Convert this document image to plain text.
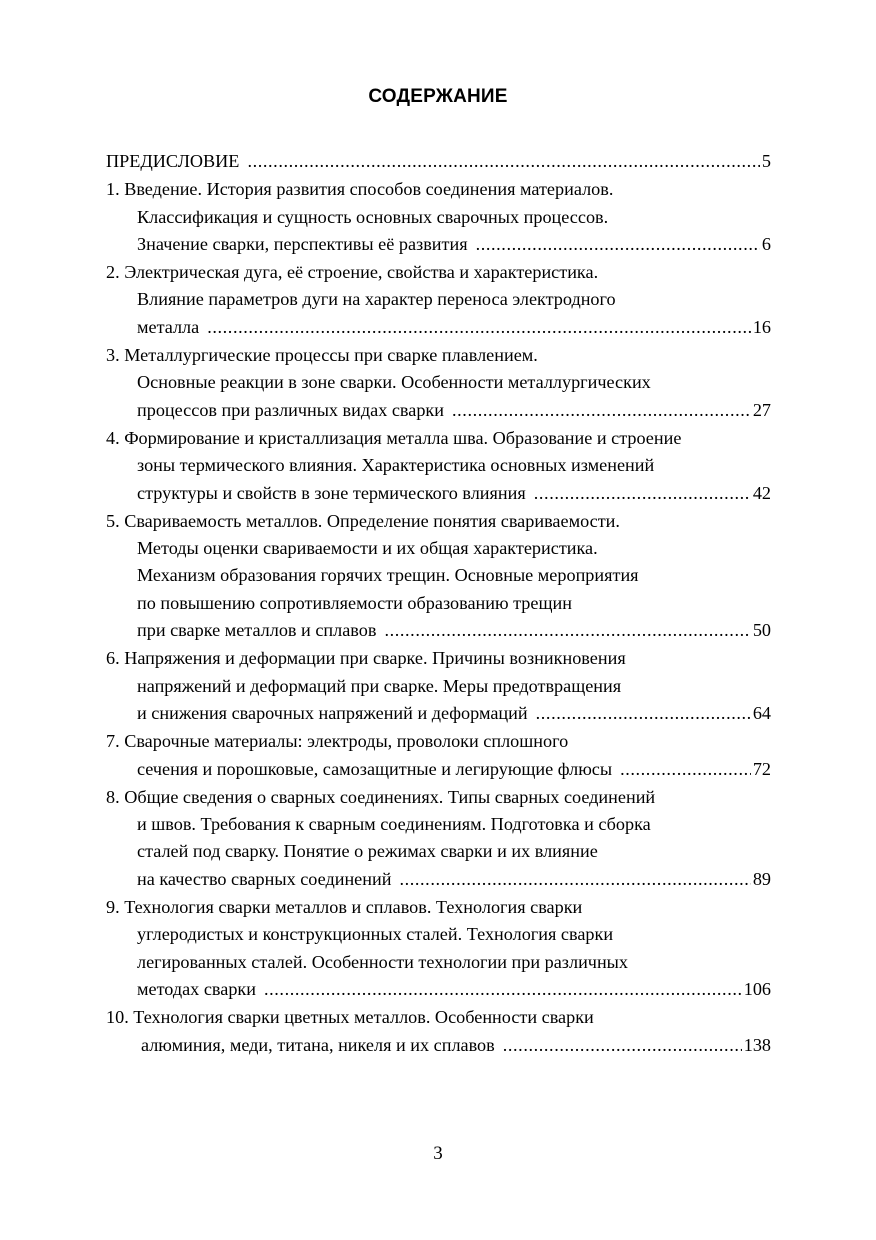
СОДЕРЖАНИЕ
ПРЕДИСЛОВИЕ .....	5
1. Введение. История развития способов соединения материалов.
Классификация и сущность основных сварочных процессов.
Значение сварки, перспективы её развития .....	6
2. Электрическая дуга, её строение, свойства и характеристика.
Влияние параметров дуги на характер переноса электродного
металла .....	16
3. Металлургические процессы при сварке плавлением.
Основные реакции в зоне сварки. Особенности металлургических
процессов при различных видах сварки .....	27
4. Формирование и кристаллизация металла шва. Образование и строение
зоны термического влияния. Характеристика основных изменений
структуры и свойств в зоне термического влияния .....	42
5. Свариваемость металлов. Определение понятия свариваемости.
Методы оценки свариваемости и их общая характеристика.
Механизм образования горячих трещин. Основные мероприятия
по повышению сопротивляемости образованию трещин
при сварке металлов и сплавов .....	50
6. Напряжения и деформации при сварке. Причины возникновения
напряжений и деформаций при сварке. Меры предотвращения
и снижения сварочных напряжений и деформаций .....	64
7. Сварочные материалы: электроды, проволоки сплошного
сечения и порошковые, самозащитные и легирующие флюсы .....	72
8. Общие сведения о сварных соединениях. Типы сварных соединений
и швов. Требования к сварным соединениям. Подготовка и сборка
сталей под сварку. Понятие о режимах сварки и их влияние
на качество сварных соединений .....	89
9. Технология сварки металлов и сплавов. Технология сварки
углеродистых и конструкционных сталей. Технология сварки
легированных сталей. Особенности технологии при различных
методах сварки .....	106
10. Технология сварки цветных металлов. Особенности сварки
алюминия, меди, титана, никеля и их сплавов .....	138
3
